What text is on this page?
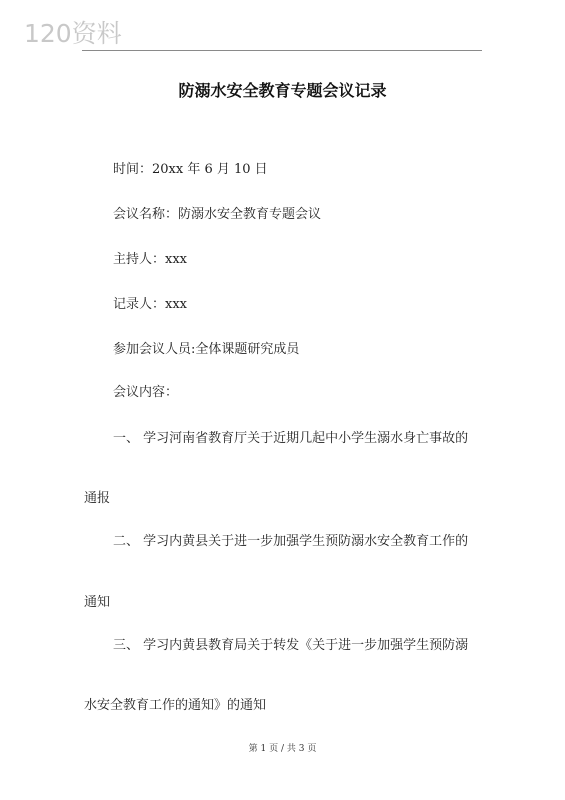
120资料
防溺水安全教育专题会议记录
时间：20xx 年 6 月 10 日
会议名称：防溺水安全教育专题会议
主持人：xxx
记录人：xxx
参加会议人员:全体课题研究成员
会议内容：
一、 学习河南省教育厅关于近期几起中小学生溺水身亡事故的
通报
二、 学习内黄县关于进一步加强学生预防溺水安全教育工作的
通知
三、 学习内黄县教育局关于转发《关于进一步加强学生预防溺
水安全教育工作的通知》的通知
第 1 页 / 共 3 页
